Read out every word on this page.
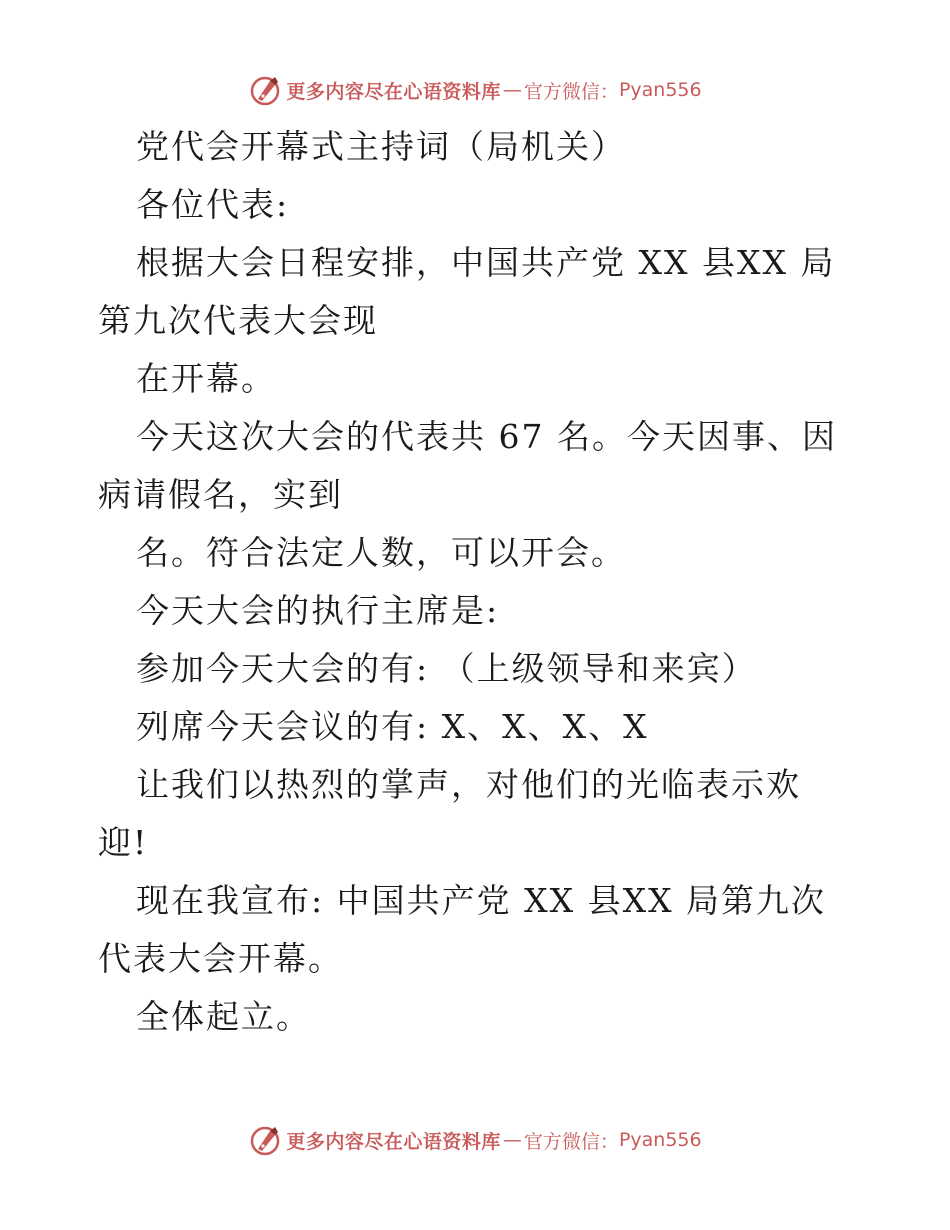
更多内容尽在心语资料库 — 官方微信： Pyan556

党代会开幕式主持词（局机关）

各位代表:

根据大会日程安排，中国共产党 XX 县XX 局第九次代表大会现

在开幕。

今天这次大会的代表共 67 名。今天因事、因病请假名，实到

名。符合法定人数，可以开会。

今天大会的执行主席是:

参加今天大会的有: （上级领导和来宾）

列席今天会议的有: X、X、X、X

让我们以热烈的掌声，对他们的光临表示欢迎!

现在我宣布: 中国共产党 XX 县XX 局第九次代表大会开幕。

全体起立。

更多内容尽在心语资料库 — 官方微信： Pyan556
